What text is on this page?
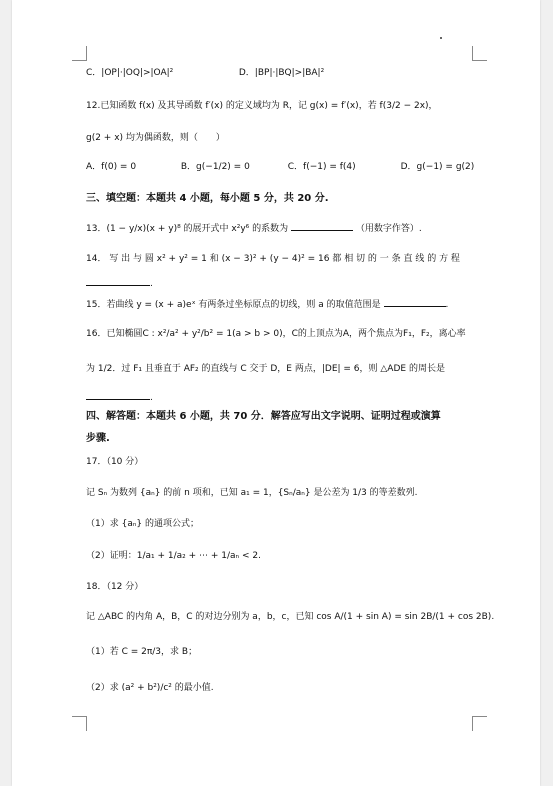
C．|OP|·|OQ|>|OA|²	D．|BP|·|BQ|>|BA|²
12.已知函数 f(x) 及其导函数 f′(x) 的定义域均为 R，记 g(x) = f′(x)，若 f(3/2 − 2x)，
g(2 + x) 均为偶函数，则（　　）
A．f(0) = 0	B．g(−1/2) = 0	C．f(−1) = f(4)	D．g(−1) = g(2)
三、填空题：本题共 4 小题，每小题 5 分，共 20 分.
13．(1 − y/x)(x + y)⁸ 的展开式中 x²y⁶ 的系数为	（用数字作答）.
14． 写 出 与 圆 x² + y² = 1 和 (x − 3)² + (y − 4)² = 16 都 相 切 的 一 条 直 线 的 方 程
.
15．若曲线 y = (x + a)eˣ 有两条过坐标原点的切线，则 a 的取值范围是	.
16．已知椭圆C : x²/a² + y²/b² = 1(a > b > 0)，C的上顶点为A，两个焦点为F₁，F₂，离心率
为 1/2．过 F₁ 且垂直于 AF₂ 的直线与 C 交于 D，E 两点，|DE| = 6，则 △ADE 的周长是
.
四、解答题：本题共 6 小题，共 70 分．解答应写出文字说明、证明过程或演算
步骤.
17．（10 分）
记 Sₙ 为数列 {aₙ} 的前 n 项和，已知 a₁ = 1，{Sₙ/aₙ} 是公差为 1/3 的等差数列.
（1）求 {aₙ} 的通项公式；
（2）证明：1/a₁ + 1/a₂ + ⋯ + 1/aₙ < 2.
18．（12 分）
记 △ABC 的内角 A，B，C 的对边分别为 a，b，c，已知 cos A/(1 + sin A) = sin 2B/(1 + cos 2B).
（1）若 C = 2π/3，求 B；
（2）求 (a² + b²)/c² 的最小值.
